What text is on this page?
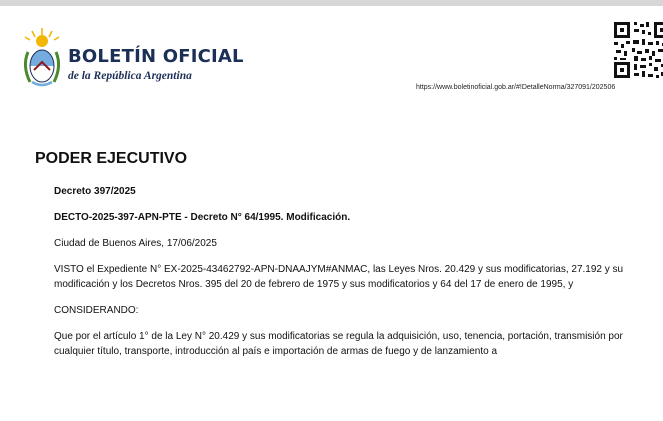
BOLETÍN OFICIAL
de la República Argentina
https://www.boletinoficial.gob.ar/#!DetalleNorma/327091/202506
PODER EJECUTIVO

Decreto 397/2025

DECTO-2025-397-APN-PTE - Decreto N° 64/1995. Modificación.

Ciudad de Buenos Aires, 17/06/2025

VISTO el Expediente N° EX-2025-43462792-APN-DNAAJYM#ANMAC, las Leyes Nros. 20.429 y sus modificatorias, 27.192 y su modificación y los Decretos Nros. 395 del 20 de febrero de 1975 y sus modificatorios y 64 del 17 de enero de 1995, y

CONSIDERANDO:

Que por el artículo 1° de la Ley N° 20.429 y sus modificatorias se regula la adquisición, uso, tenencia, portación, transmisión por cualquier título, transporte, introducción al país e importación de armas de fuego y de lanzamiento a
